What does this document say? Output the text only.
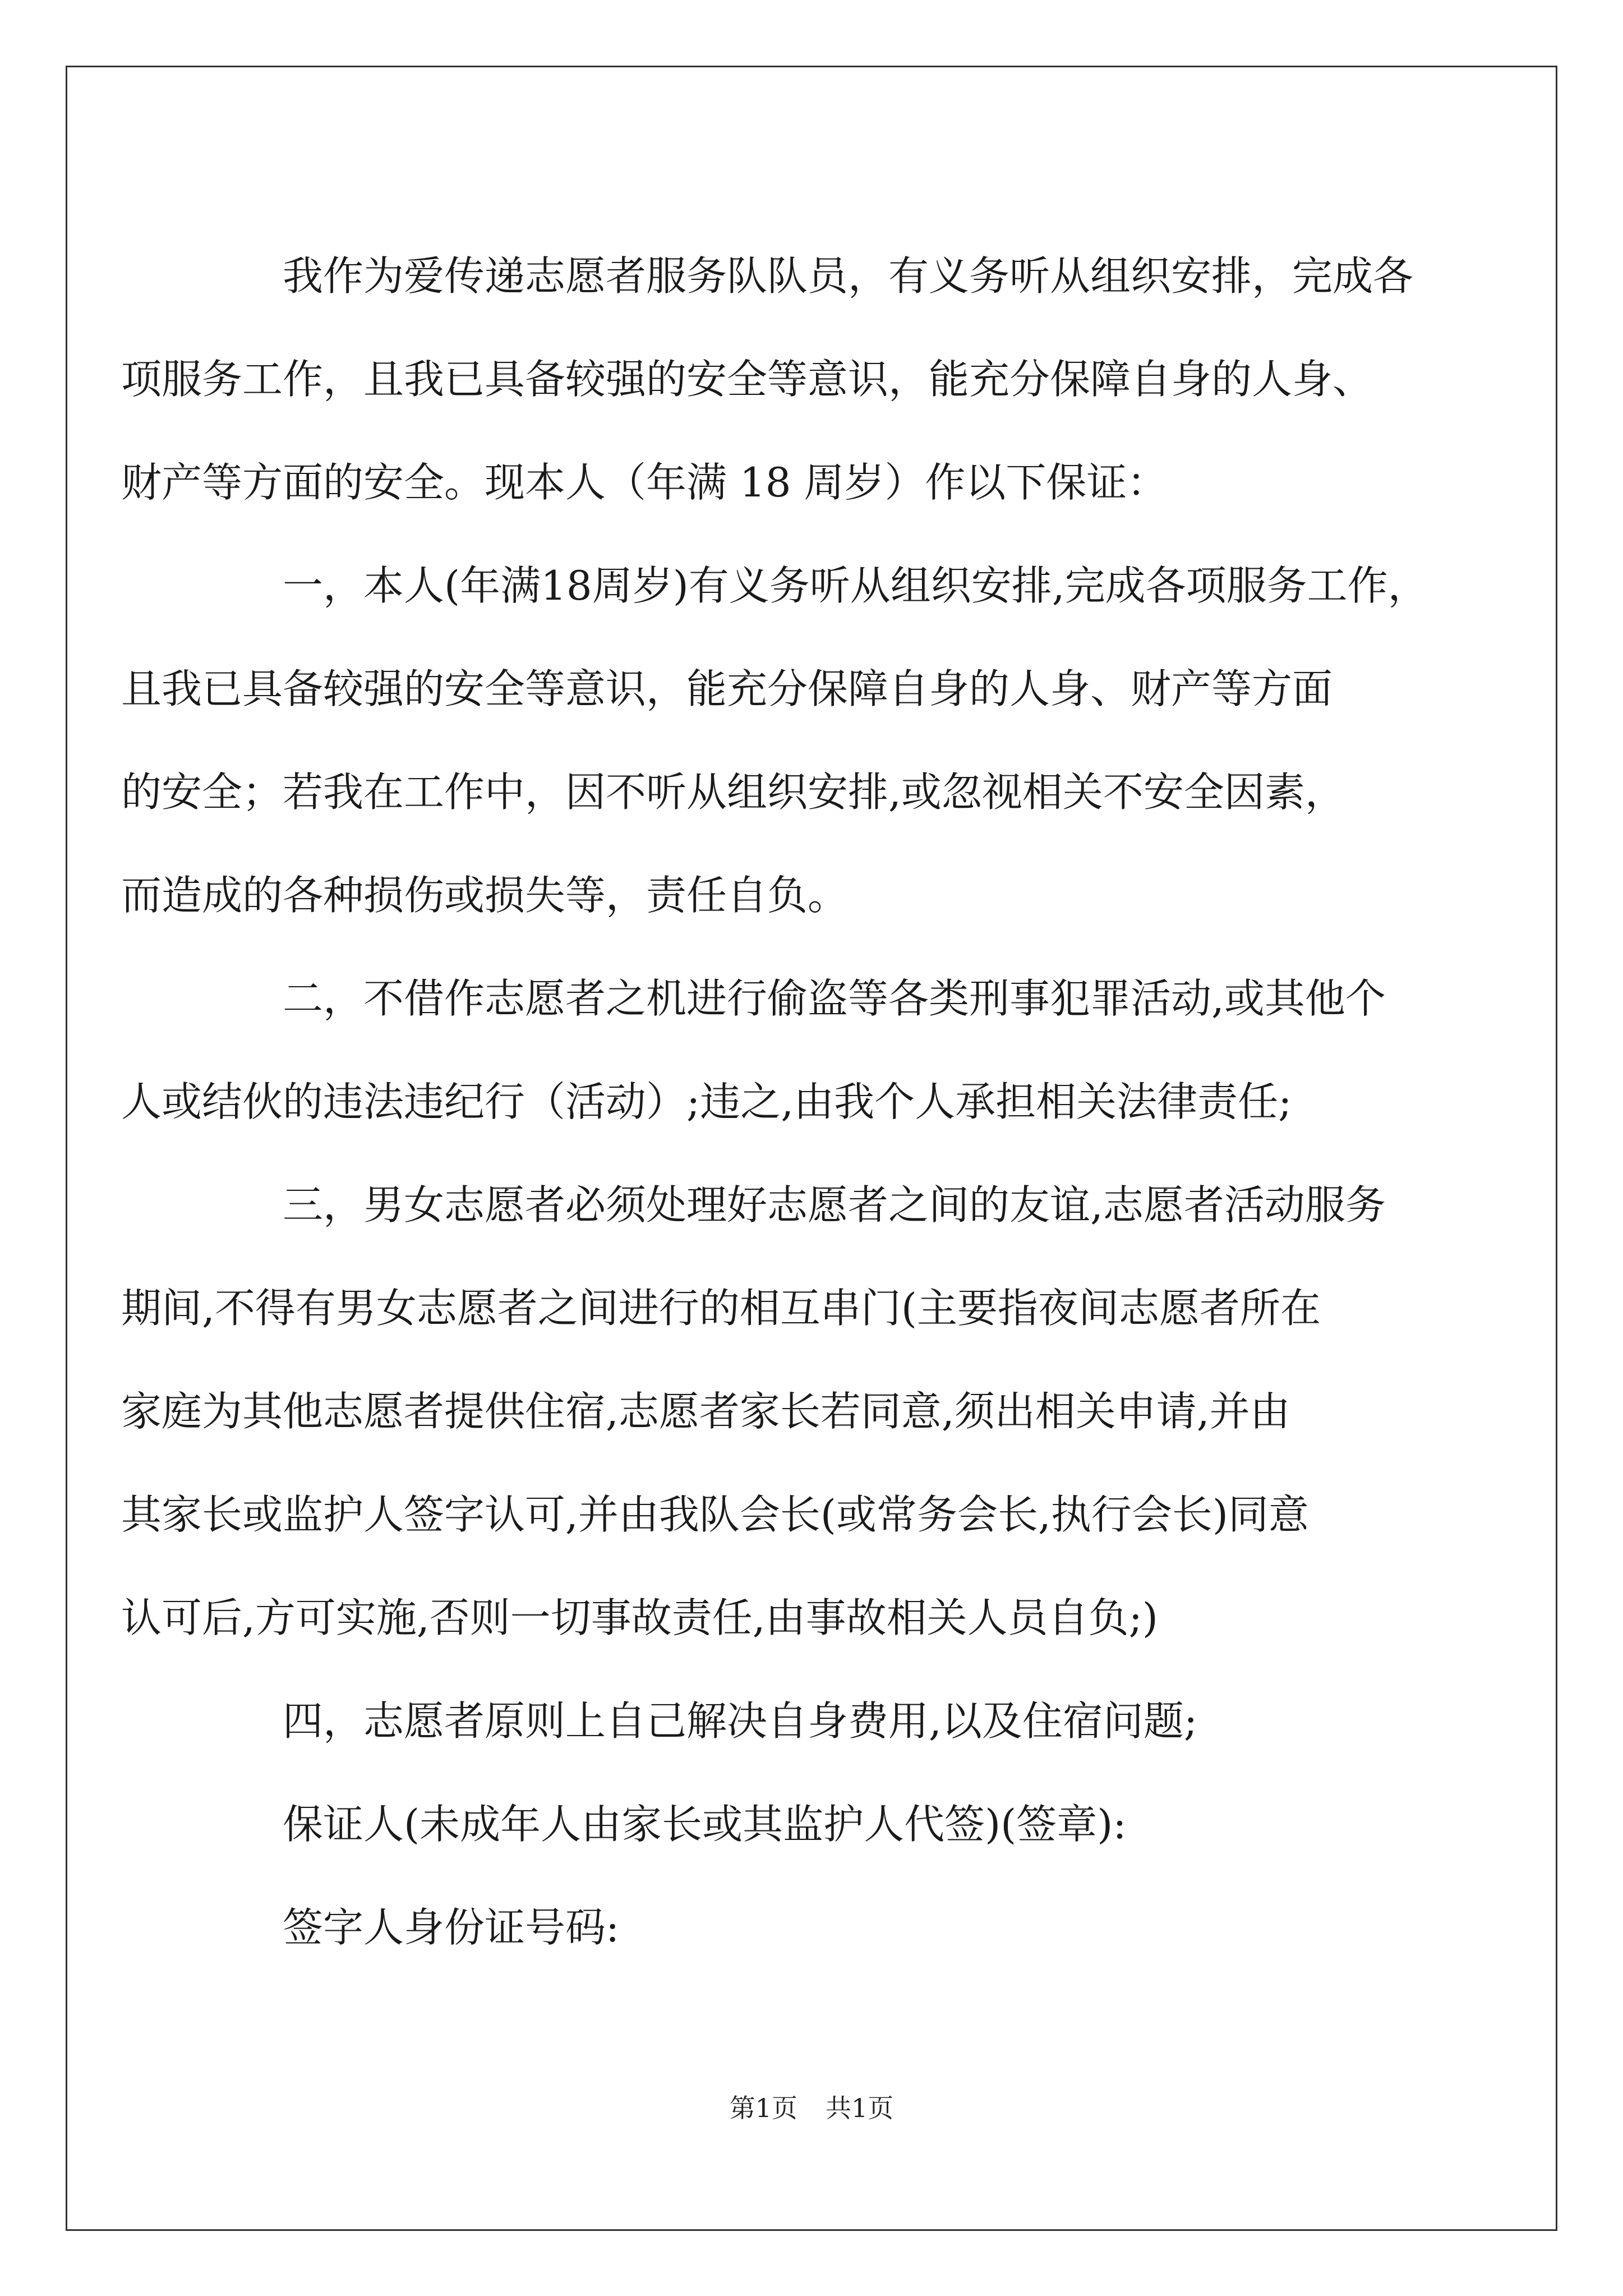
我作为爱传递志愿者服务队队员，有义务听从组织安排，完成各
项服务工作，且我已具备较强的安全等意识，能充分保障自身的人身、
财产等方面的安全。现本人（年满 18 周岁）作以下保证：

一，本人(年满18周岁)有义务听从组织安排,完成各项服务工作，
且我已具备较强的安全等意识，能充分保障自身的人身、财产等方面
的安全；若我在工作中，因不听从组织安排,或忽视相关不安全因素，
而造成的各种损伤或损失等，责任自负。

二，不借作志愿者之机进行偷盗等各类刑事犯罪活动,或其他个
人或结伙的违法违纪行（活动）;违之,由我个人承担相关法律责任;

三，男女志愿者必须处理好志愿者之间的友谊,志愿者活动服务
期间,不得有男女志愿者之间进行的相互串门(主要指夜间志愿者所在
家庭为其他志愿者提供住宿,志愿者家长若同意,须出相关申请,并由
其家长或监护人签字认可,并由我队会长(或常务会长,执行会长)同意
认可后,方可实施,否则一切事故责任,由事故相关人员自负;)

四，志愿者原则上自己解决自身费用,以及住宿问题;

保证人(未成年人由家长或其监护人代签)(签章):

签字人身份证号码:

第1页 共1页
